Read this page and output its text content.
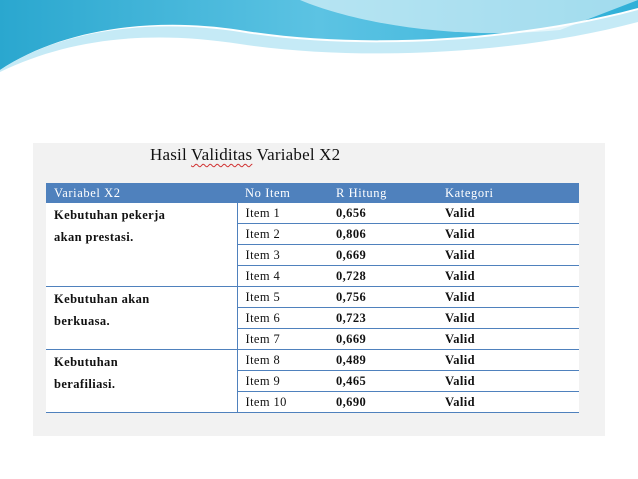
Hasil Validitas Variabel X2
Variabel X2	No Item	R Hitung	Kategori

Kebutuhan pekerja
akan prestasi.	Item 1	0,656	Valid
	Item 2	0,806	Valid
	Item 3	0,669	Valid
	Item 4	0,728	Valid

Kebutuhan akan
berkuasa.	Item 5	0,756	Valid
	Item 6	0,723	Valid
	Item 7	0,669	Valid

Kebutuhan
berafiliasi.	Item 8	0,489	Valid
	Item 9	0,465	Valid
	Item 10	0,690	Valid
